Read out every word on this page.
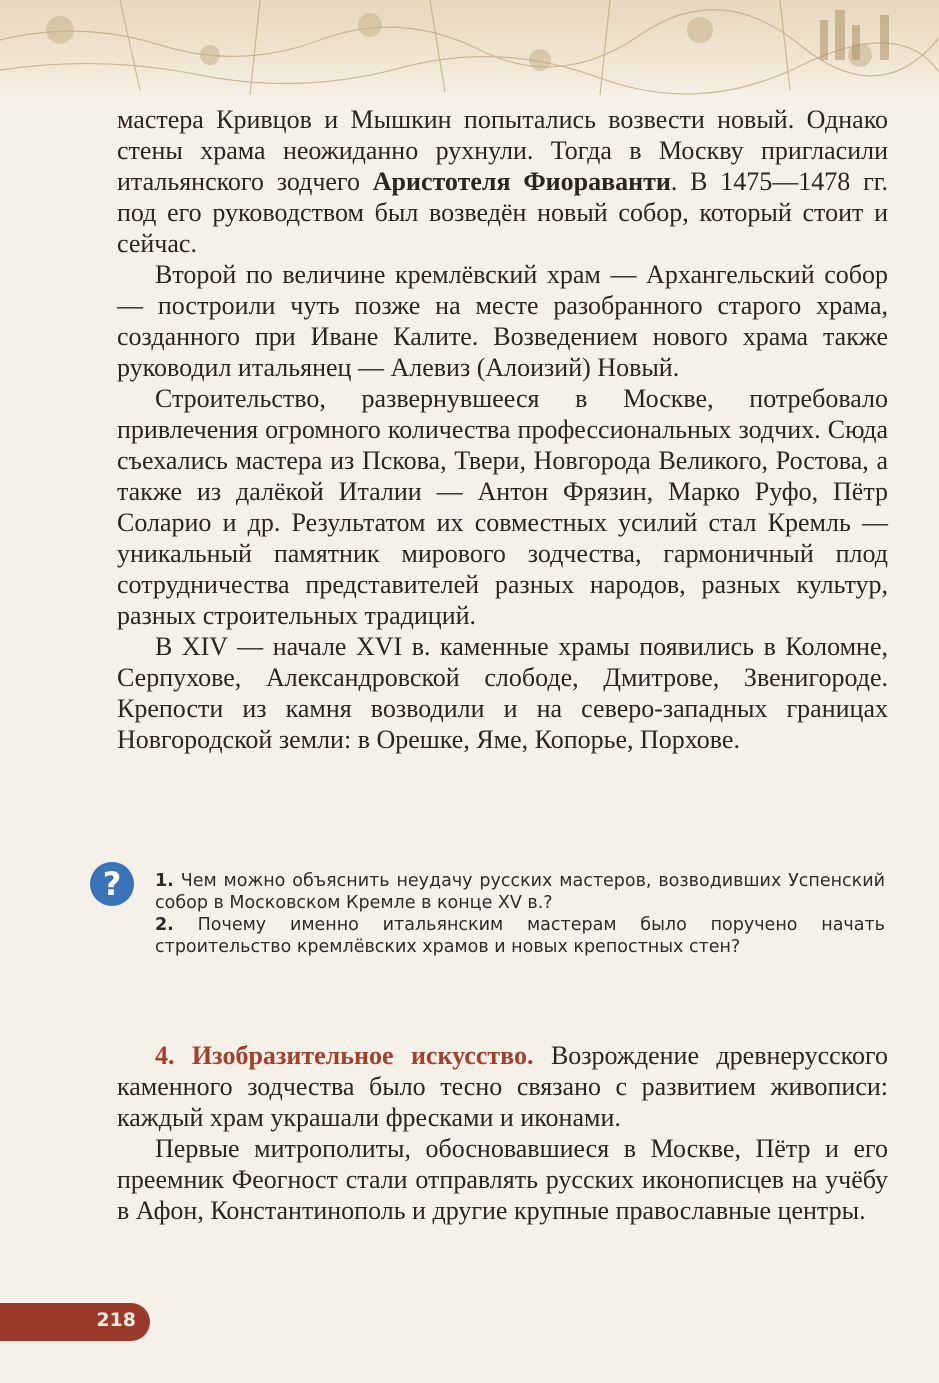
мастера Кривцов и Мышкин попытались возвести новый. Однако стены храма неожиданно рухнули. Тогда в Москву пригласили итальянского зодчего Аристотеля Фиораванти. В 1475—1478 гг. под его руководством был возведён новый собор, который стоит и сейчас.

Второй по величине кремлёвский храм — Архангельский собор — построили чуть позже на месте разобранного старого храма, созданного при Иване Калите. Возведением нового храма также руководил итальянец — Алевиз (Алоизий) Новый.

Строительство, развернувшееся в Москве, потребовало привлечения огромного количества профессиональных зодчих. Сюда съехались мастера из Пскова, Твери, Новгорода Великого, Ростова, а также из далёкой Италии — Антон Фрязин, Марко Руфо, Пётр Соларио и др. Результатом их совместных усилий стал Кремль — уникальный памятник мирового зодчества, гармоничный плод сотрудничества представителей разных народов, разных культур, разных строительных традиций.

В XIV — начале XVI в. каменные храмы появились в Коломне, Серпухове, Александровской слободе, Дмитрове, Звенигороде. Крепости из камня возводили и на северо-западных границах Новгородской земли: в Орешке, Яме, Копорье, Порхове.

?	1. Чем можно объяснить неудачу русских мастеров, возводивших Успенский собор в Московском Кремле в конце XV в.?

2. Почему именно итальянским мастерам было поручено начать строительство кремлёвских храмов и новых крепостных стен?

4. Изобразительное искусство. Возрождение древнерусского каменного зодчества было тесно связано с развитием живописи: каждый храм украшали фресками и иконами.

Первые митрополиты, обосновавшиеся в Москве, Пётр и его преемник Феогност стали отправлять русских иконописцев на учёбу в Афон, Константинополь и другие крупные православные центры.

218
